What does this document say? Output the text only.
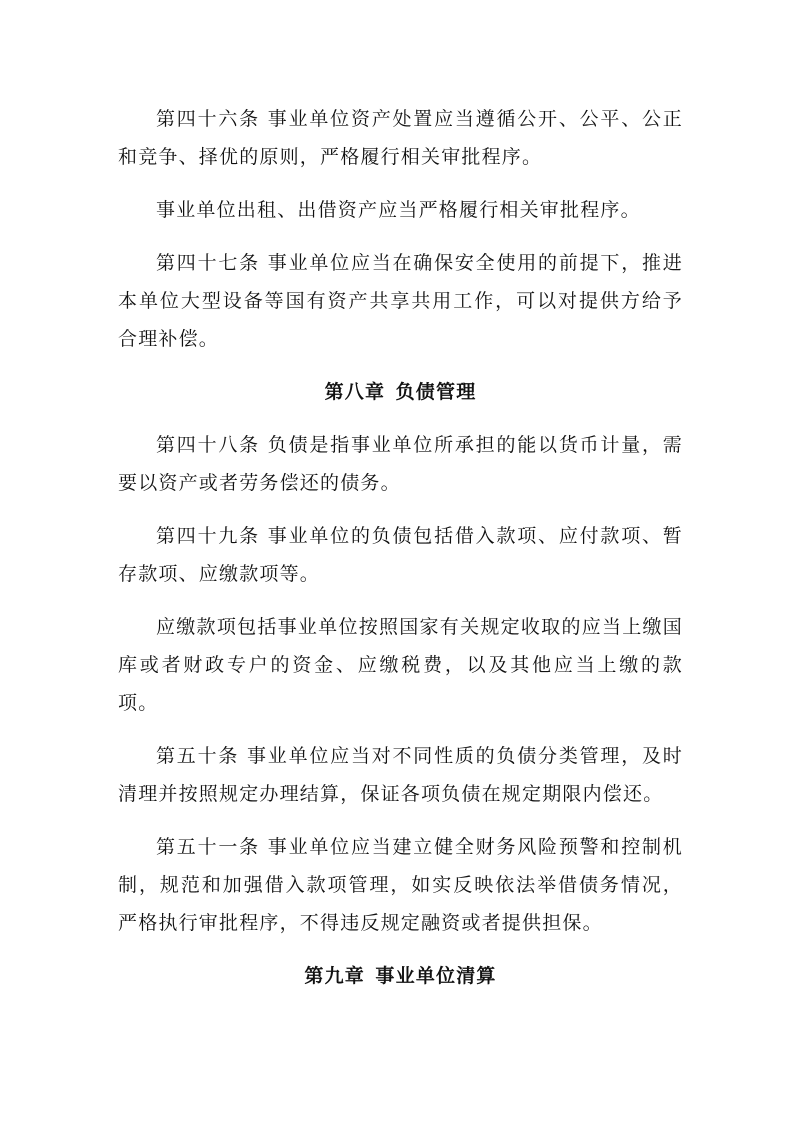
第四十六条 事业单位资产处置应当遵循公开、公平、公正和竞争、择优的原则，严格履行相关审批程序。

事业单位出租、出借资产应当严格履行相关审批程序。

第四十七条 事业单位应当在确保安全使用的前提下，推进本单位大型设备等国有资产共享共用工作，可以对提供方给予合理补偿。

第八章 负债管理

第四十八条 负债是指事业单位所承担的能以货币计量，需要以资产或者劳务偿还的债务。

第四十九条 事业单位的负债包括借入款项、应付款项、暂存款项、应缴款项等。

应缴款项包括事业单位按照国家有关规定收取的应当上缴国库或者财政专户的资金、应缴税费，以及其他应当上缴的款项。

第五十条 事业单位应当对不同性质的负债分类管理，及时清理并按照规定办理结算，保证各项负债在规定期限内偿还。

第五十一条 事业单位应当建立健全财务风险预警和控制机制，规范和加强借入款项管理，如实反映依法举借债务情况，严格执行审批程序，不得违反规定融资或者提供担保。

第九章 事业单位清算
